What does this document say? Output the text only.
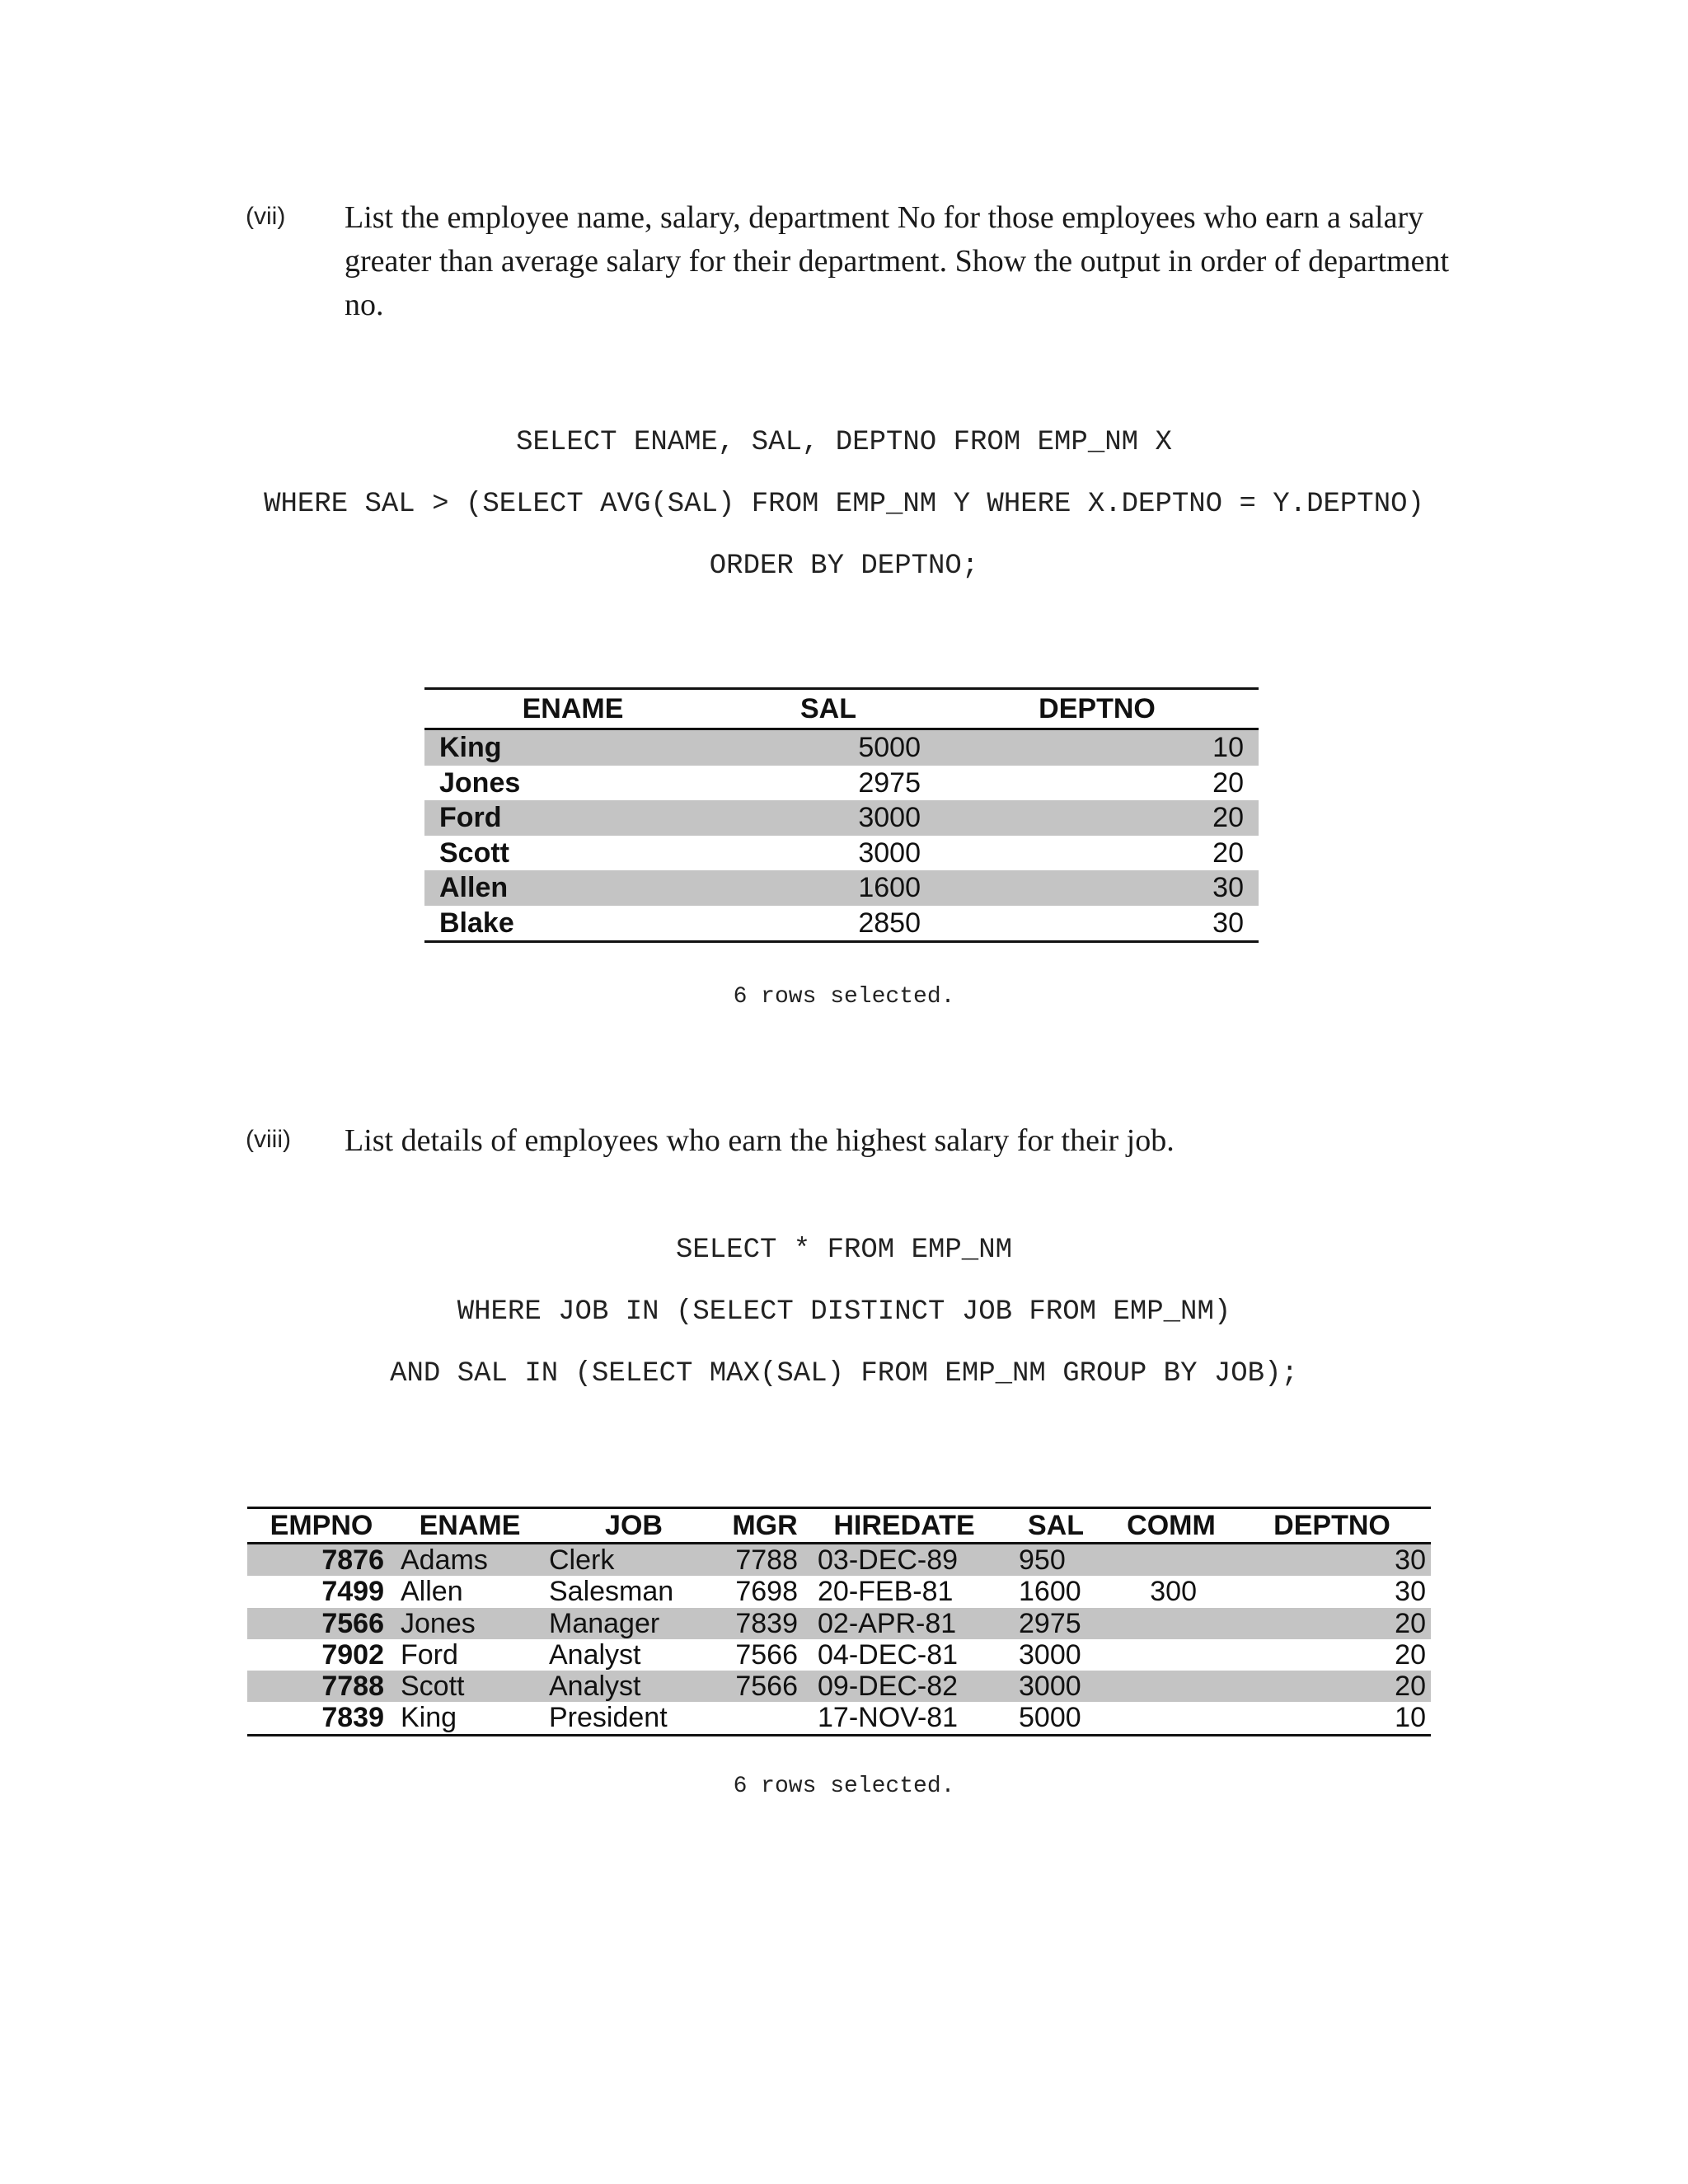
(vii) List the employee name, salary, department No for those employees who earn a salary greater than average salary for their department. Show the output in order of department no.
SELECT ENAME, SAL, DEPTNO FROM EMP_NM X
WHERE SAL > (SELECT AVG(SAL) FROM EMP_NM Y WHERE X.DEPTNO = Y.DEPTNO)
ORDER BY DEPTNO;
ENAME	SAL	DEPTNO
King	5000	10
Jones	2975	20
Ford	3000	20
Scott	3000	20
Allen	1600	30
Blake	2850	30
6 rows selected.
(viii) List details of employees who earn the highest salary for their job.
SELECT * FROM EMP_NM
WHERE JOB IN (SELECT DISTINCT JOB FROM EMP_NM)
AND SAL IN (SELECT MAX(SAL) FROM EMP_NM GROUP BY JOB);
EMPNO	ENAME	JOB	MGR	HIREDATE	SAL	COMM	DEPTNO
7876	Adams	Clerk	7788	03-DEC-89	950		30
7499	Allen	Salesman	7698	20-FEB-81	1600	300	30
7566	Jones	Manager	7839	02-APR-81	2975		20
7902	Ford	Analyst	7566	04-DEC-81	3000		20
7788	Scott	Analyst	7566	09-DEC-82	3000		20
7839	King	President		17-NOV-81	5000		10
6 rows selected.
